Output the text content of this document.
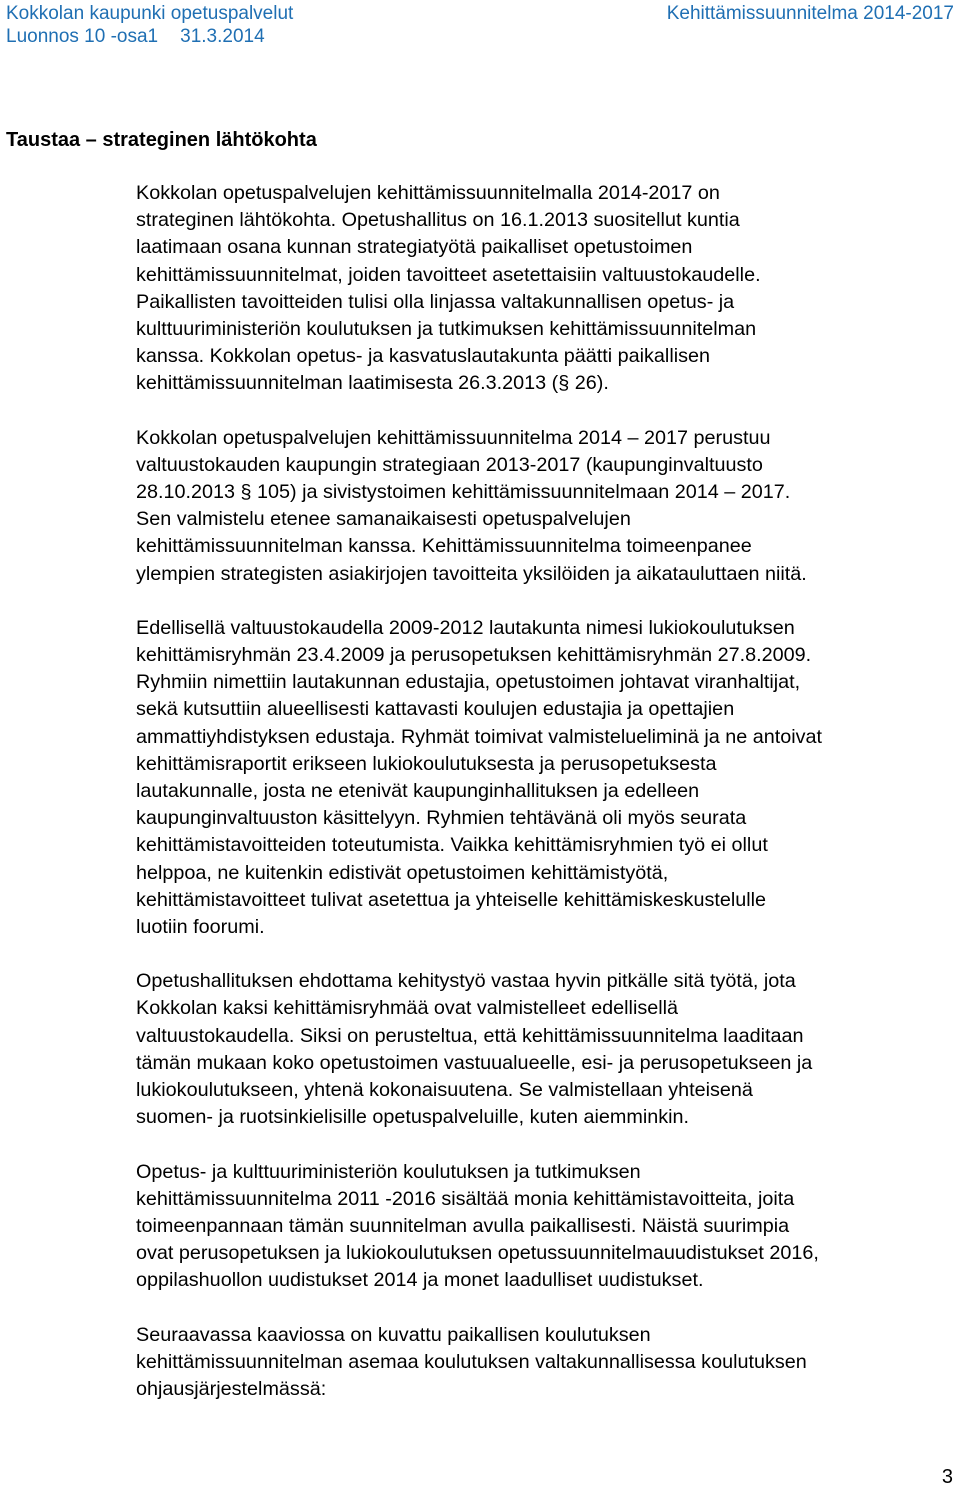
Kokkolan kaupunki opetuspalvelut
Luonnos 10 -osa1 31.3.2014
Kehittämissuunnitelma 2014-2017
Taustaa – strateginen lähtökohta

Kokkolan opetuspalvelujen kehittämissuunnitelmalla 2014-2017 on
strateginen lähtökohta. Opetushallitus on 16.1.2013 suositellut kuntia
laatimaan osana kunnan strategiatyötä paikalliset opetustoimen
kehittämissuunnitelmat, joiden tavoitteet asetettaisiin valtuustokaudelle.
Paikallisten tavoitteiden tulisi olla linjassa valtakunnallisen opetus- ja
kulttuuriministeriön koulutuksen ja tutkimuksen kehittämissuunnitelman
kanssa. Kokkolan opetus- ja kasvatuslautakunta päätti paikallisen
kehittämissuunnitelman laatimisesta 26.3.2013 (§ 26).

Kokkolan opetuspalvelujen kehittämissuunnitelma 2014 – 2017 perustuu
valtuustokauden kaupungin strategiaan 2013-2017 (kaupunginvaltuusto
28.10.2013 § 105) ja sivistystoimen kehittämissuunnitelmaan 2014 – 2017.
Sen valmistelu etenee samanaikaisesti opetuspalvelujen
kehittämissuunnitelman kanssa. Kehittämissuunnitelma toimeenpanee
ylempien strategisten asiakirjojen tavoitteita yksilöiden ja aikatauluttaen niitä.

Edellisellä valtuustokaudella 2009-2012 lautakunta nimesi lukiokoulutuksen
kehittämisryhmän 23.4.2009 ja perusopetuksen kehittämisryhmän 27.8.2009.
Ryhmiin nimettiin lautakunnan edustajia, opetustoimen johtavat viranhaltijat,
sekä kutsuttiin alueellisesti kattavasti koulujen edustajia ja opettajien
ammattiyhdistyksen edustaja. Ryhmät toimivat valmistelueliminä ja ne antoivat
kehittämisraportit erikseen lukiokoulutuksesta ja perusopetuksesta
lautakunnalle, josta ne etenivät kaupunginhallituksen ja edelleen
kaupunginvaltuuston käsittelyyn. Ryhmien tehtävänä oli myös seurata
kehittämistavoitteiden toteutumista. Vaikka kehittämisryhmien työ ei ollut
helppoa, ne kuitenkin edistivät opetustoimen kehittämistyötä,
kehittämistavoitteet tulivat asetettua ja yhteiselle kehittämiskeskustelulle
luotiin foorumi.

Opetushallituksen ehdottama kehitystyö vastaa hyvin pitkälle sitä työtä, jota
Kokkolan kaksi kehittämisryhmää ovat valmistelleet edellisellä
valtuustokaudella. Siksi on perusteltua, että kehittämissuunnitelma laaditaan
tämän mukaan koko opetustoimen vastuualueelle, esi- ja perusopetukseen ja
lukiokoulutukseen, yhtenä kokonaisuutena. Se valmistellaan yhteisenä
suomen- ja ruotsinkielisille opetuspalveluille, kuten aiemminkin.

Opetus- ja kulttuuriministeriön koulutuksen ja tutkimuksen
kehittämissuunnitelma 2011 -2016 sisältää monia kehittämistavoitteita, joita
toimeenpannaan tämän suunnitelman avulla paikallisesti. Näistä suurimpia
ovat perusopetuksen ja lukiokoulutuksen opetussuunnitelmauudistukset 2016,
oppilashuollon uudistukset 2014 ja monet laadulliset uudistukset.

Seuraavassa kaaviossa on kuvattu paikallisen koulutuksen
kehittämissuunnitelman asemaa koulutuksen valtakunnallisessa koulutuksen
ohjausjärjestelmässä:

3
